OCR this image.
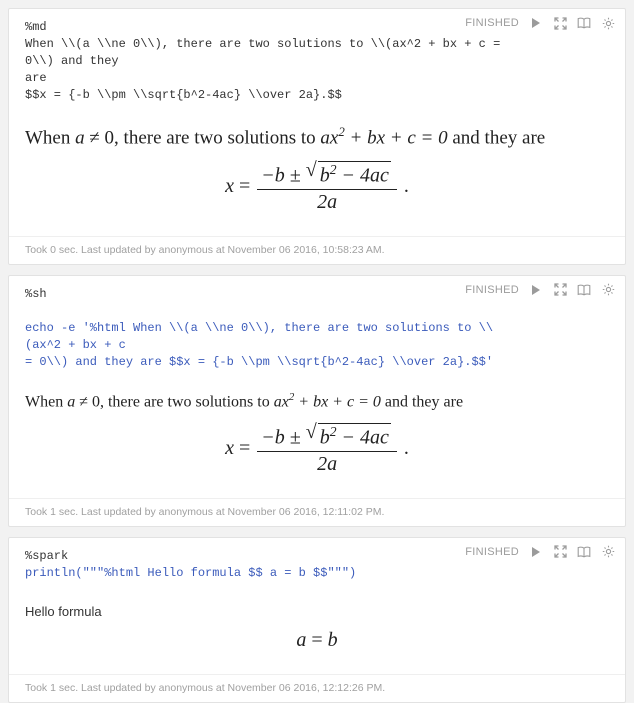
FINISHED
%md
When \\(a \\ne 0\\), there are two solutions to \\(ax^2 + bx + c = 0\\) and they
are
$$x = {-b \\pm \\sqrt{b^2-4ac} \\over 2a}.$$
When a ≠ 0, there are two solutions to $ax^2$ + bx + c = 0 and they are
$x = \frac{-b \pm √ b^2 - 4ac}{2a}$ .
Took 0 sec. Last updated by anonymous at November 06 2016, 10:58:23 AM.
FINISHED
%sh

echo -e '%html When \\(a \\ne 0\\), there are two solutions to \\(ax^2 + bx + c
= 0\\) and they are $$x = {-b \\pm \\sqrt{b^2-4ac} \\over 2a}.$$'
When a ≠ 0, there are two solutions to $ax^2$ + bx + c = 0 and they are
$x = \frac{-b \pm √ b^2 - 4ac}{2a}$ .
Took 1 sec. Last updated by anonymous at November 06 2016, 12:11:02 PM.
FINISHED
%spark
println("""%html Hello formula $$ a = b $$""")
Hello formula
a = b
Took 1 sec. Last updated by anonymous at November 06 2016, 12:12:26 PM.
